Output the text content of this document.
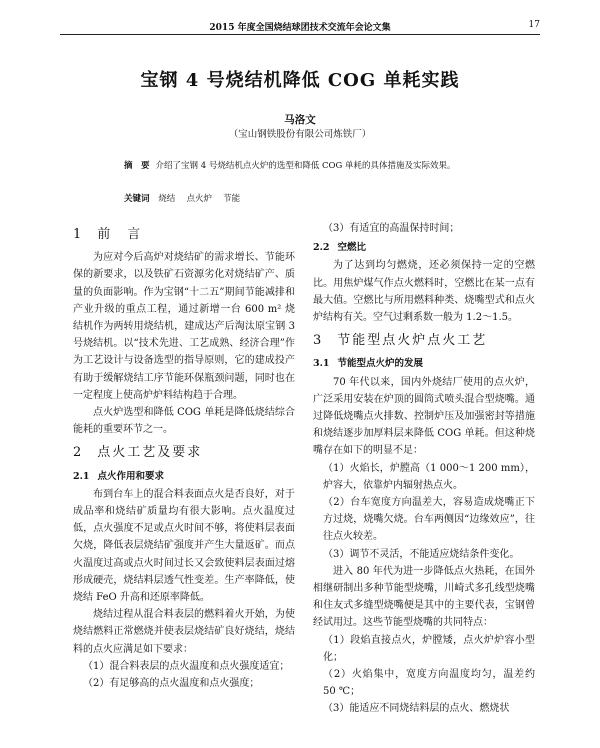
2015 年度全国烧结球团技术交流年会论文集	17
宝钢 4 号烧结机降低 COG 单耗实践
马洛文
（宝山钢铁股份有限公司炼铁厂）
摘　要 介绍了宝钢 4 号烧结机点火炉的选型和降低 COG 单耗的具体措施及实际效果。
关键词 烧结　 点火炉　 节能
1 前　言

为应对今后高炉对烧结矿的需求增长、节能环保的新要求，以及铁矿石资源劣化对烧结矿产、质量的负面影响。作为宝钢“十二五”期间节能减排和产业升级的重点工程，通过新增一台 600 m² 烧结机作为两转用烧结机，建成达产后淘汰原宝钢 3 号烧结机。以“技术先进、工艺成熟、经济合理”作为工艺设计与设备选型的指导原则，它的建成投产有助于缓解烧结工序节能环保瓶颈问题，同时也在一定程度上使高炉炉料结构趋于合理。

点火炉选型和降低 COG 单耗是降低烧结综合能耗的重要环节之一。

2 点火工艺及要求
2.1 点火作用和要求

布到台车上的混合料表面点火是否良好，对于成品率和烧结矿质量均有很大影响。点火温度过低，点火强度不足或点火时间不够，将使料层表面欠烧，降低表层烧结矿强度并产生大量返矿。而点火温度过高或点火时间过长又会致使料层表面过熔形成硬壳，烧结料层透气性变差。生产率降低，使烧结 FeO 升高和还原率降低。

烧结过程从混合料表层的燃料着火开始，为使烧结燃料正常燃烧并使表层烧结矿良好烧结，烧结料的点火应满足如下要求：

（1）混合料表层的点火温度和点火强度适宜；

（2）有足够高的点火温度和点火强度；

（3）有适宜的高温保持时间；

2.2 空燃比

为了达到均匀燃烧，还必须保持一定的空燃比。用焦炉煤气作点火燃料时，空燃比在某一点有最大值。空燃比与所用燃料种类、烧嘴型式和点火炉结构有关。空气过剩系数一般为 1.2～1.5。

3 节能型点火炉点火工艺
3.1 节能型点火炉的发展

70 年代以来，国内外烧结厂使用的点火炉，广泛采用安装在炉顶的圆筒式喷头混合型烧嘴。通过降低烧嘴点火排数、控制炉压及加强密封等措施和烧结逐步加厚料层来降低 COG 单耗。但这种烧嘴存在如下的明显不足：

（1）火焰长，炉膛高（1 000～1 200 mm），炉容大，依靠炉内辐射热点火。

（2）台车宽度方向温差大，容易造成烧嘴正下方过烧，烧嘴欠烧。台车两侧因“边缘效应”，往往点火较差。

（3）调节不灵活，不能适应烧结条件变化。

进入 80 年代为进一步降低点火热耗，在国外相继研制出多种节能型烧嘴，川崎式多孔线型烧嘴和住友式多缝型烧嘴便是其中的主要代表，宝钢曾经试用过。这些节能型烧嘴的共同特点：

（1）段焰直接点火，炉膛矮，点火炉炉容小型化；

（2）火焰集中，宽度方向温度均匀，温差约 50 ℃；

（3）能适应不同烧结料层的点火、燃烧状
